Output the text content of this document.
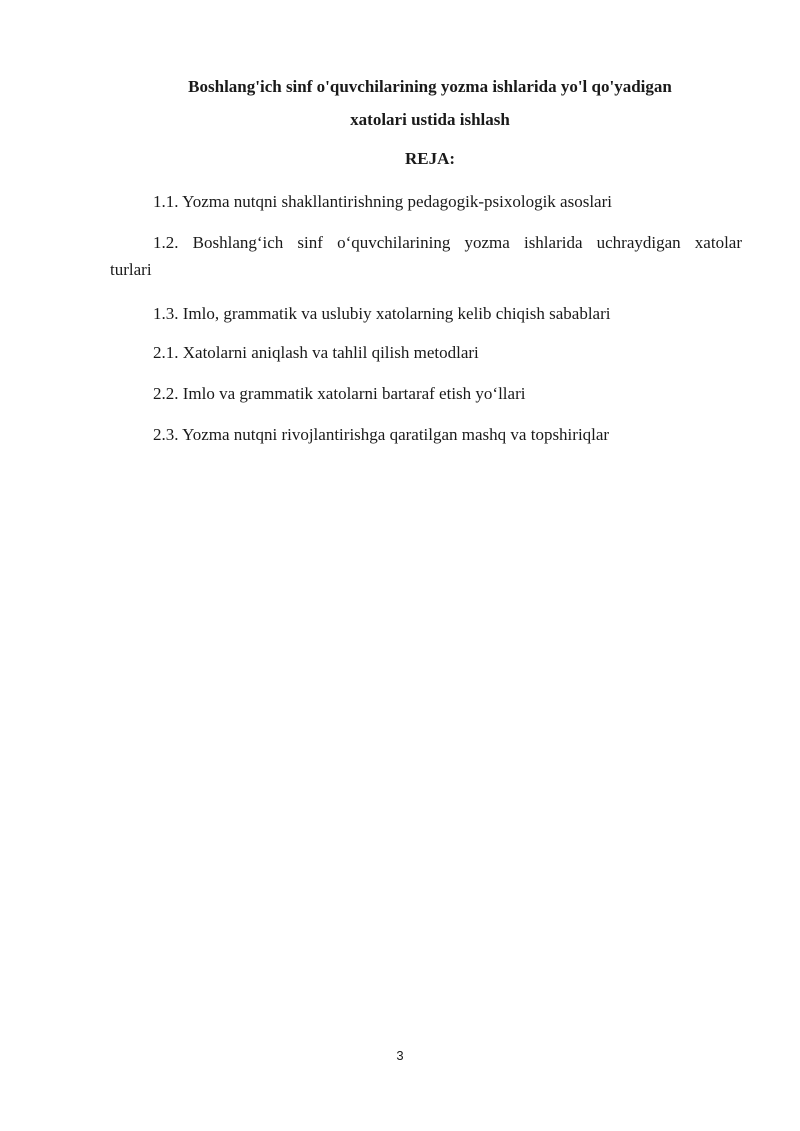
Boshlang'ich sinf o'quvchilarining yozma ishlarida yo'l qo'yadigan
xatolari ustida ishlash
REJA:
1.1. Yozma nutqni shakllantirishning pedagogik-psixologik asoslari
1.2. Boshlang‘ich sinf o‘quvchilarining yozma ishlarida uchraydigan xatolar
turlari
1.3. Imlo, grammatik va uslubiy xatolarning kelib chiqish sabablari
2.1. Xatolarni aniqlash va tahlil qilish metodlari
2.2. Imlo va grammatik xatolarni bartaraf etish yo‘llari
2.3. Yozma nutqni rivojlantirishga qaratilgan mashq va topshiriqlar
3
